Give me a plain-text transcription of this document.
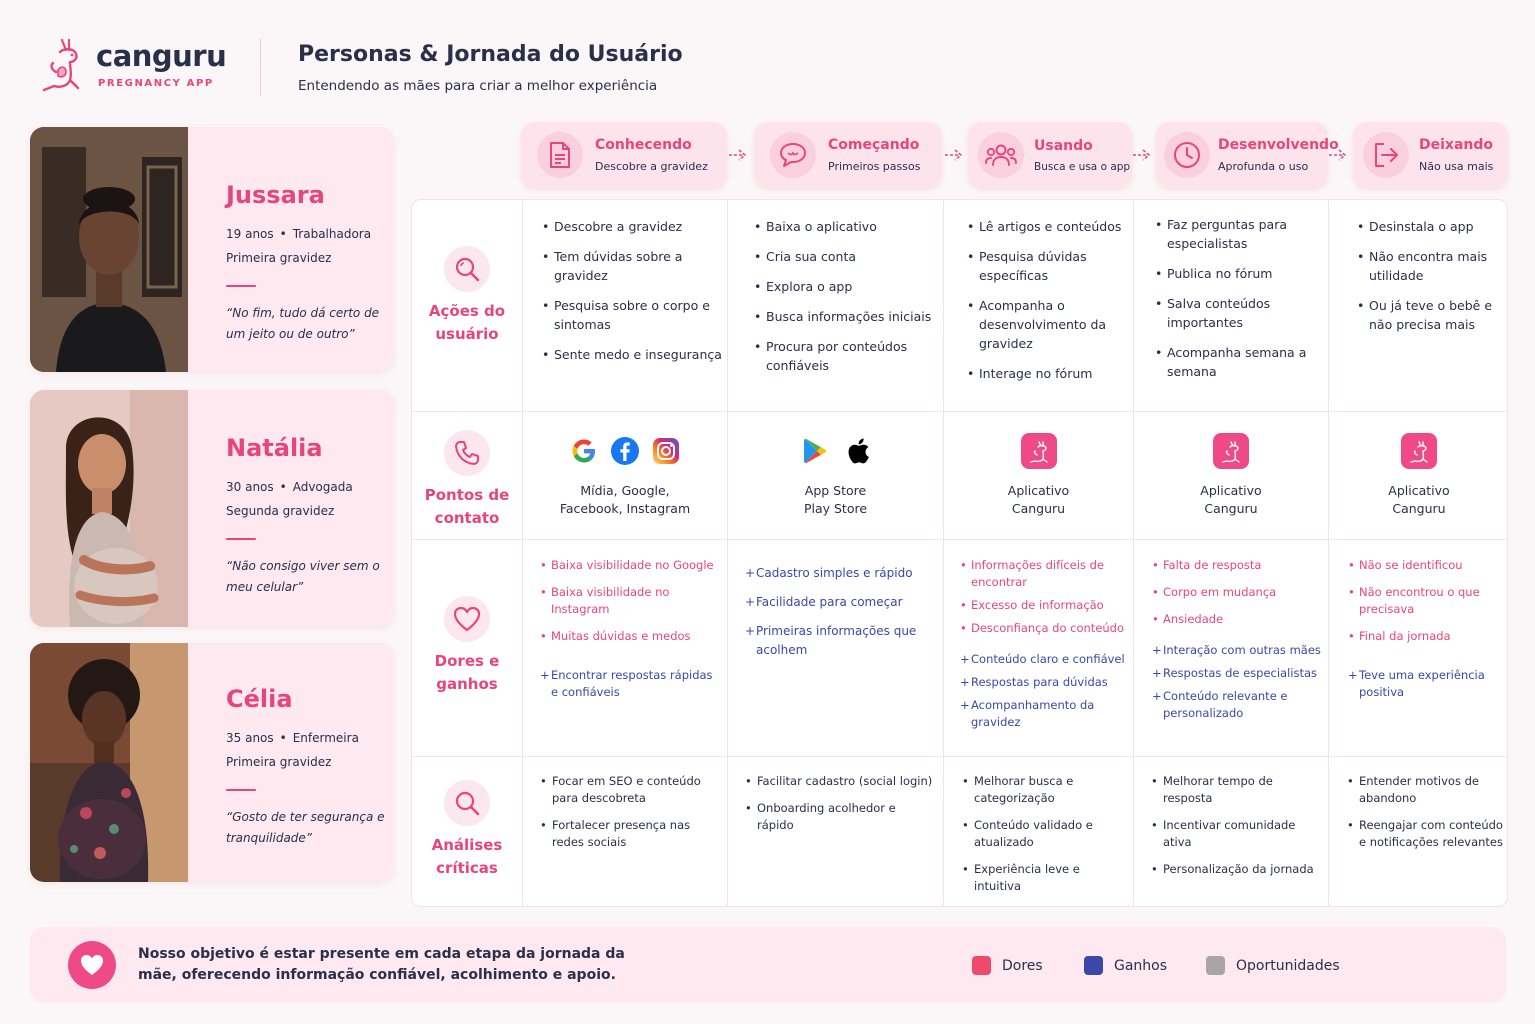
canguru
PREGNANCY APP
Personas & Jornada do Usuário
Entendendo as mães para criar a melhor experiência
Jussara
19 anos • Trabalhadora
Primeira gravidez
“No fim, tudo dá certo de um jeito ou de outro”
Natália
30 anos • Advogada
Segunda gravidez
“Não consigo viver sem o meu celular”
Célia
35 anos • Enfermeira
Primeira gravidez
“Gosto de ter segurança e tranquilidade”
Conhecendo
Descobre a gravidez
Começando
Primeiros passos
Usando
Busca e usa o app
Desenvolvendo
Aprofunda o uso
Deixando
Não usa mais
Ações do
usuário
Pontos de
contato
Dores e
ganhos
Análises
críticas
• Descobre a gravidez
• Tem dúvidas sobre a gravidez
• Pesquisa sobre o corpo e sintomas
• Sente medo e insegurança
• Baixa o aplicativo
• Cria sua conta
• Explora o app
• Busca informações iniciais
• Procura por conteúdos confiáveis
• Lê artigos e conteúdos
• Pesquisa dúvidas específicas
• Acompanha o desenvolvimento da gravidez
• Interage no fórum
• Faz perguntas para especialistas
• Publica no fórum
• Salva conteúdos importantes
• Acompanha semana a semana
• Desinstala o app
• Não encontra mais utilidade
• Ou já teve o bebê e não precisa mais
Mídia, Google,
Facebook, Instagram
App Store
Play Store
Aplicativo
Canguru
Aplicativo
Canguru
Aplicativo
Canguru
• Baixa visibilidade no Google
• Baixa visibilidade no Instagram
• Muitas dúvidas e medos
+ Encontrar respostas rápidas e confiáveis
+ Cadastro simples e rápido
+ Facilidade para começar
+ Primeiras informações que acolhem
• Informações difíceis de encontrar
• Excesso de informação
• Desconfiança do conteúdo
+ Conteúdo claro e confiável
+ Respostas para dúvidas
+ Acompanhamento da gravidez
• Falta de resposta
• Corpo em mudança
• Ansiedade
+ Interação com outras mães
+ Respostas de especialistas
+ Conteúdo relevante e personalizado
• Não se identificou
• Não encontrou o que precisava
• Final da jornada
+ Teve uma experiência positiva
• Focar em SEO e conteúdo para descobreta
• Fortalecer presença nas redes sociais
• Facilitar cadastro (social login)
• Onboarding acolhedor e rápido
• Melhorar busca e categorização
• Conteúdo validado e atualizado
• Experiência leve e intuitiva
• Melhorar tempo de resposta
• Incentivar comunidade ativa
• Personalização da jornada
• Entender motivos de abandono
• Reengajar com conteúdo e notificações relevantes
Nosso objetivo é estar presente em cada etapa da jornada da mãe, oferecendo informação confiável, acolhimento e apoio.
Dores	Ganhos	Oportunidades
